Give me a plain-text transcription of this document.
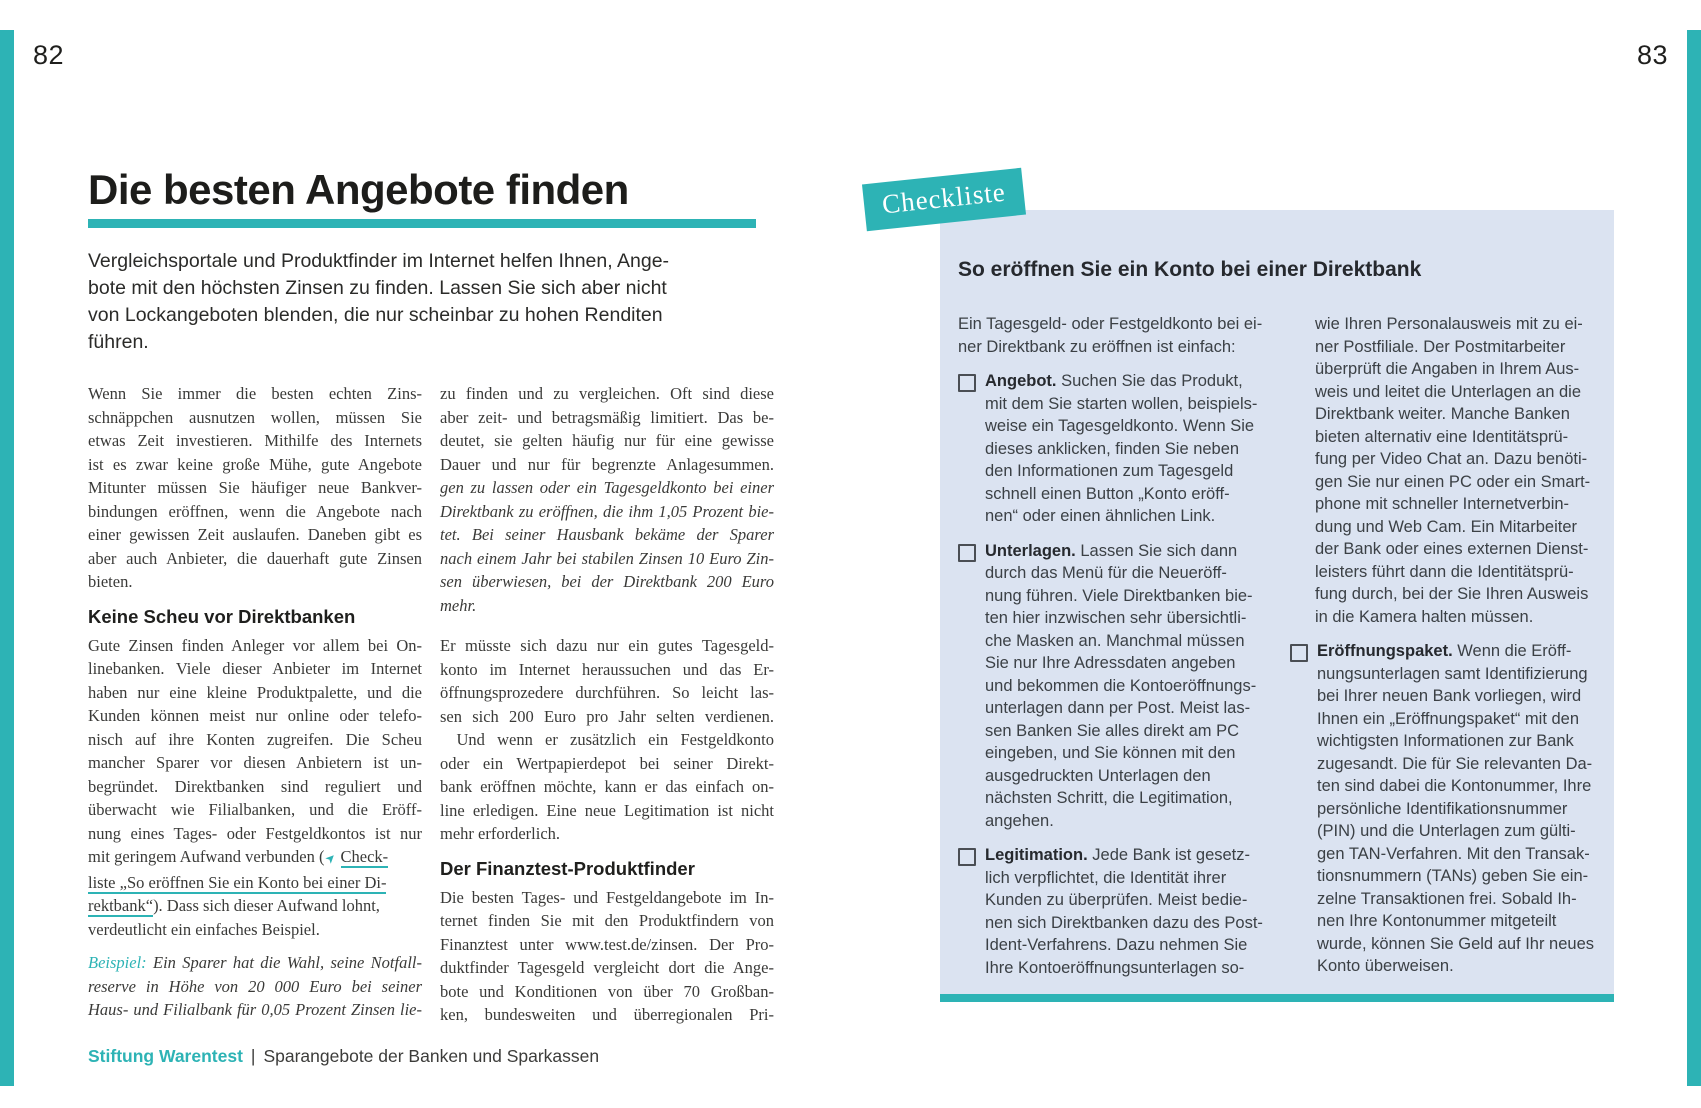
82	83
Die besten Angebote finden
Vergleichsportale und Produktfinder im Internet helfen Ihnen, Ange-
bote mit den höchsten Zinsen zu finden. Lassen Sie sich aber nicht
von Lockangeboten blenden, die nur scheinbar zu hohen Renditen
führen.
Wenn Sie immer die besten echten Zins-
schnäppchen ausnutzen wollen, müssen Sie
etwas Zeit investieren. Mithilfe des Internets
ist es zwar keine große Mühe, gute Angebote
Mitunter müssen Sie häufiger neue Bankver-
bindungen eröffnen, wenn die Angebote nach
einer gewissen Zeit auslaufen. Daneben gibt es
aber auch Anbieter, die dauerhaft gute Zinsen
bieten.
Keine Scheu vor Direktbanken
Gute Zinsen finden Anleger vor allem bei On-
linebanken. Viele dieser Anbieter im Internet
haben nur eine kleine Produktpalette, und die
Kunden können meist nur online oder telefo-
nisch auf ihre Konten zugreifen. Die Scheu
mancher Sparer vor diesen Anbietern ist un-
begründet. Direktbanken sind reguliert und
überwacht wie Filialbanken, und die Eröff-
nung eines Tages- oder Festgeldkontos ist nur
mit geringem Aufwand verbunden (➤Check-
liste „So eröffnen Sie ein Konto bei einer Di-
rektbank“). Dass sich dieser Aufwand lohnt,
verdeutlicht ein einfaches Beispiel.
Beispiel: Ein Sparer hat die Wahl, seine Notfall-
reserve in Höhe von 20 000 Euro bei seiner
Haus- und Filialbank für 0,05 Prozent Zinsen lie-
zu finden und zu vergleichen. Oft sind diese
aber zeit- und betragsmäßig limitiert. Das be-
deutet, sie gelten häufig nur für eine gewisse
Dauer und nur für begrenzte Anlagesummen.
gen zu lassen oder ein Tagesgeldkonto bei einer
Direktbank zu eröffnen, die ihm 1,05 Prozent bie-
tet. Bei seiner Hausbank bekäme der Sparer
nach einem Jahr bei stabilen Zinsen 10 Euro Zin-
sen überwiesen, bei der Direktbank 200 Euro
mehr.
Er müsste sich dazu nur ein gutes Tagesgeld-
konto im Internet heraussuchen und das Er-
öffnungsprozedere durchführen. So leicht las-
sen sich 200 Euro pro Jahr selten verdienen.
 Und wenn er zusätzlich ein Festgeldkonto
oder ein Wertpapierdepot bei seiner Direkt-
bank eröffnen möchte, kann er das einfach on-
line erledigen. Eine neue Legitimation ist nicht
mehr erforderlich.
Der Finanztest-Produktfinder
Die besten Tages- und Festgeldangebote im In-
ternet finden Sie mit den Produktfindern von
Finanztest unter www.test.de/zinsen. Der Pro-
duktfinder Tagesgeld vergleicht dort die Ange-
bote und Konditionen von über 70 Großban-
ken, bundesweiten und überregionalen Pri-
Stiftung Warentest | Sparangebote der Banken und Sparkassen
Checkliste
So eröffnen Sie ein Konto bei einer Direktbank
Ein Tagesgeld- oder Festgeldkonto bei ei-
ner Direktbank zu eröffnen ist einfach:
Angebot. Suchen Sie das Produkt,
mit dem Sie starten wollen, beispiels-
weise ein Tagesgeldkonto. Wenn Sie
dieses anklicken, finden Sie neben
den Informationen zum Tagesgeld
schnell einen Button „Konto eröff-
nen“ oder einen ähnlichen Link.
Unterlagen. Lassen Sie sich dann
durch das Menü für die Neueröff-
nung führen. Viele Direktbanken bie-
ten hier inzwischen sehr übersichtli-
che Masken an. Manchmal müssen
Sie nur Ihre Adressdaten angeben
und bekommen die Kontoeröffnungs-
unterlagen dann per Post. Meist las-
sen Banken Sie alles direkt am PC
eingeben, und Sie können mit den
ausgedruckten Unterlagen den
nächsten Schritt, die Legitimation,
angehen.
Legitimation. Jede Bank ist gesetz-
lich verpflichtet, die Identität ihrer
Kunden zu überprüfen. Meist bedie-
nen sich Direktbanken dazu des Post-
Ident-Verfahrens. Dazu nehmen Sie
Ihre Kontoeröffnungsunterlagen so-
wie Ihren Personalausweis mit zu ei-
ner Postfiliale. Der Postmitarbeiter
überprüft die Angaben in Ihrem Aus-
weis und leitet die Unterlagen an die
Direktbank weiter. Manche Banken
bieten alternativ eine Identitätsprü-
fung per Video Chat an. Dazu benöti-
gen Sie nur einen PC oder ein Smart-
phone mit schneller Internetverbin-
dung und Web Cam. Ein Mitarbeiter
der Bank oder eines externen Dienst-
leisters führt dann die Identitätsprü-
fung durch, bei der Sie Ihren Ausweis
in die Kamera halten müssen.
Eröffnungspaket. Wenn die Eröff-
nungsunterlagen samt Identifizierung
bei Ihrer neuen Bank vorliegen, wird
Ihnen ein „Eröffnungspaket“ mit den
wichtigsten Informationen zur Bank
zugesandt. Die für Sie relevanten Da-
ten sind dabei die Kontonummer, Ihre
persönliche Identifikationsnummer
(PIN) und die Unterlagen zum gülti-
gen TAN-Verfahren. Mit den Transak-
tionsnummern (TANs) geben Sie ein-
zelne Transaktionen frei. Sobald Ih-
nen Ihre Kontonummer mitgeteilt
wurde, können Sie Geld auf Ihr neues
Konto überweisen.
